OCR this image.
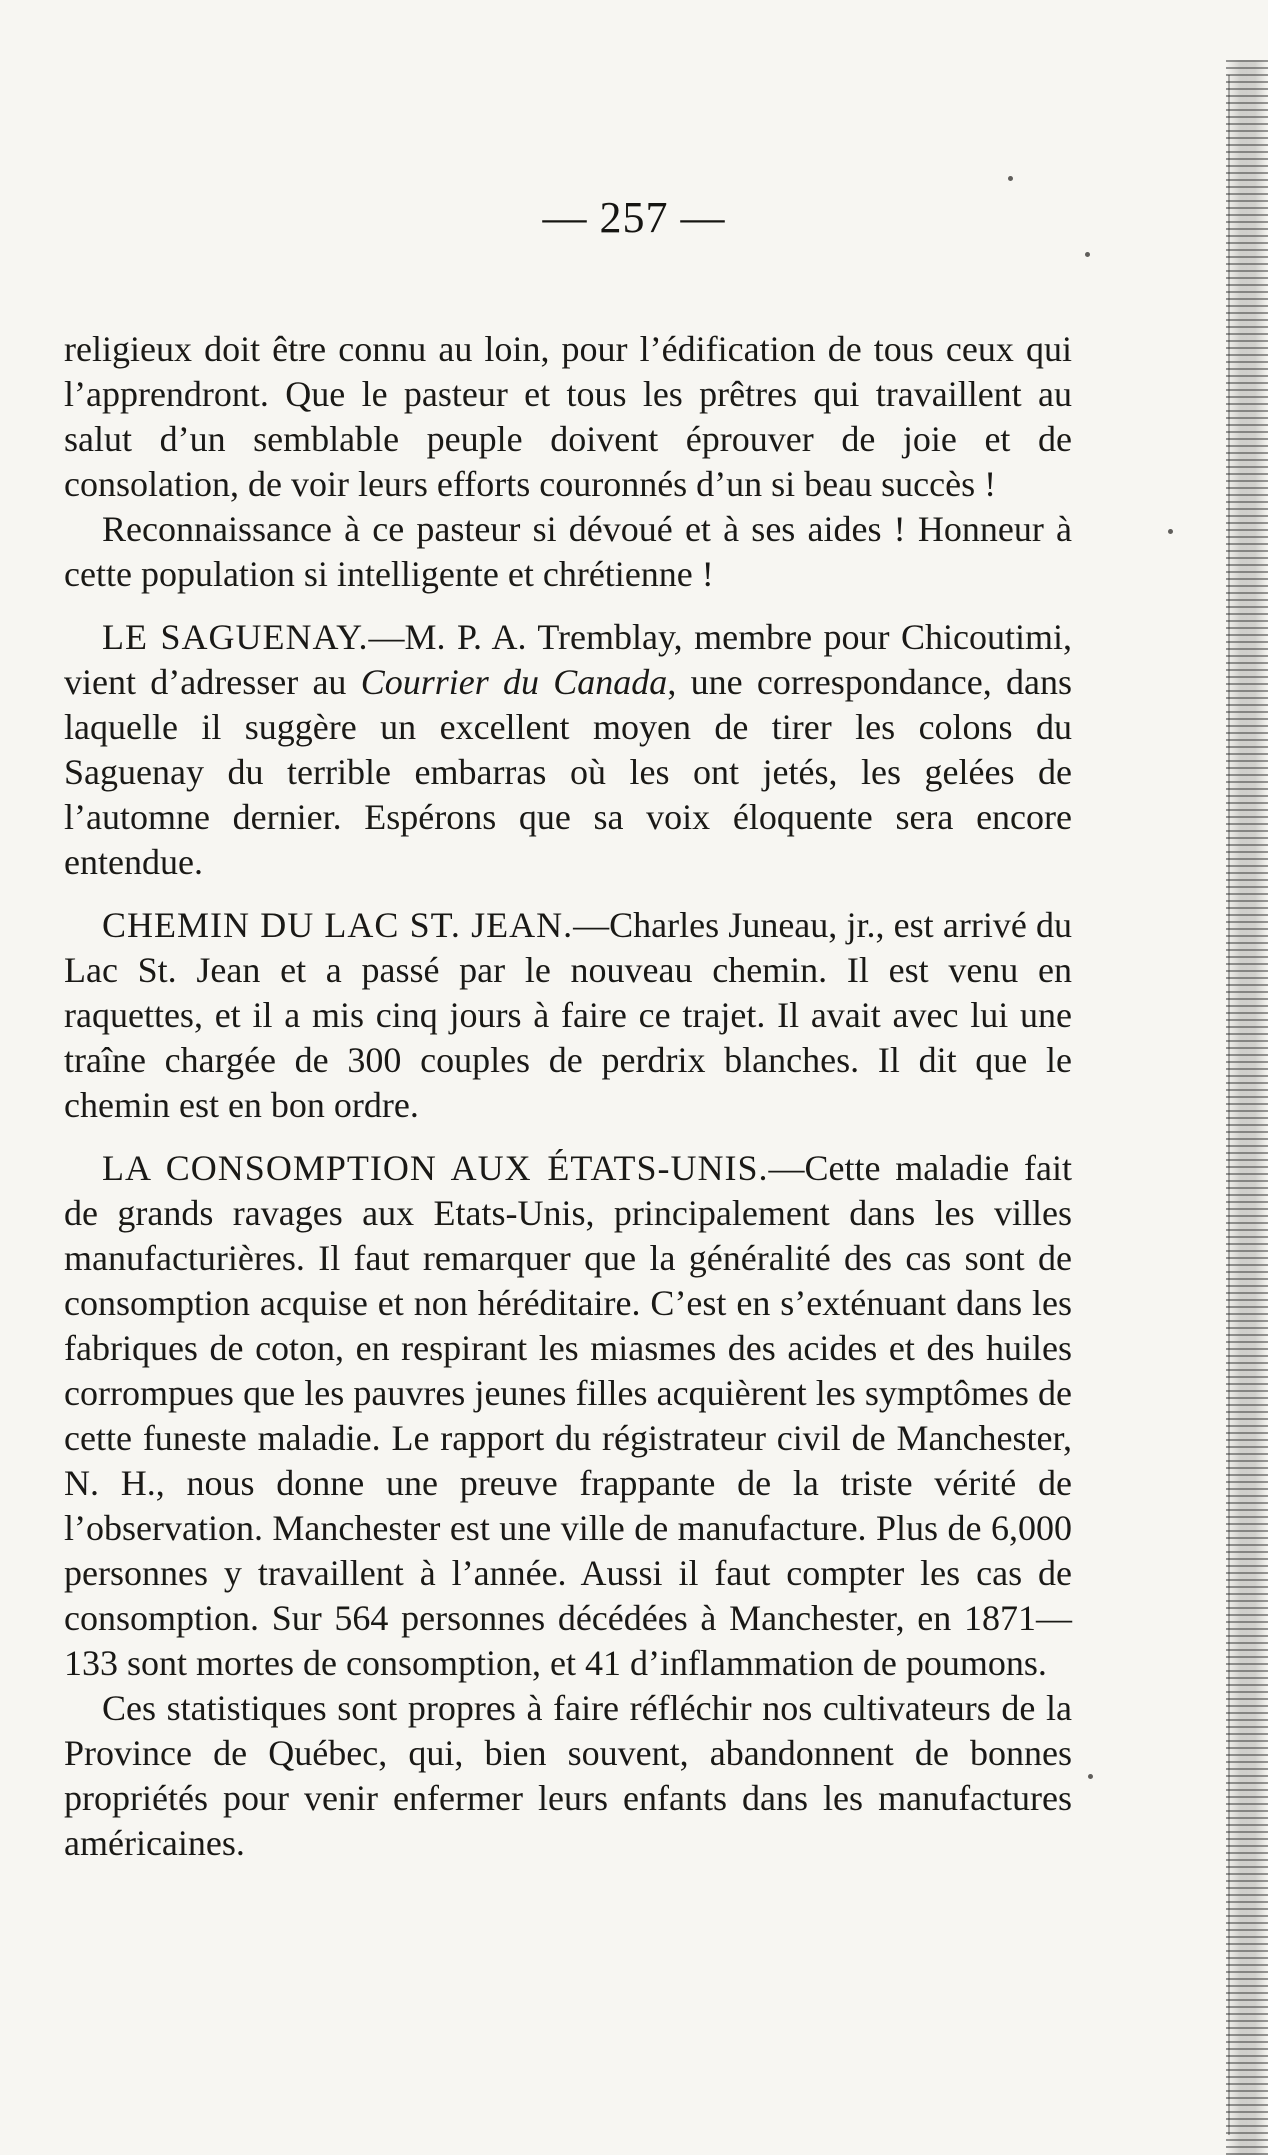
— 257 —

religieux doit être connu au loin, pour l’édification de tous ceux qui l’apprendront. Que le pasteur et tous les prêtres qui travaillent au salut d’un semblable peuple doivent éprouver de joie et de consolation, de voir leurs efforts couronnés d’un si beau succès !

Reconnaissance à ce pasteur si dévoué et à ses aides ! Honneur à cette population si intelligente et chrétienne !

LE SAGUENAY.—M. P. A. Tremblay, membre pour Chicoutimi, vient d’adresser au Courrier du Canada, une correspondance, dans laquelle il suggère un excellent moyen de tirer les colons du Saguenay du terrible embarras où les ont jetés, les gelées de l’automne dernier. Espérons que sa voix éloquente sera encore entendue.

CHEMIN DU LAC ST. JEAN.—Charles Juneau, jr., est arrivé du Lac St. Jean et a passé par le nouveau chemin. Il est venu en raquettes, et il a mis cinq jours à faire ce trajet. Il avait avec lui une traîne chargée de 300 couples de perdrix blanches. Il dit que le chemin est en bon ordre.

LA CONSOMPTION AUX ÉTATS-UNIS.—Cette maladie fait de grands ravages aux Etats-Unis, principalement dans les villes manufacturières. Il faut remarquer que la généralité des cas sont de consomption acquise et non héréditaire. C’est en s’exténuant dans les fabriques de coton, en respirant les miasmes des acides et des huiles corrompues que les pauvres jeunes filles acquièrent les symptômes de cette funeste maladie. Le rapport du régistrateur civil de Manchester, N. H., nous donne une preuve frappante de la triste vérité de l’observation. Manchester est une ville de manufacture. Plus de 6,000 personnes y travaillent à l’année. Aussi il faut compter les cas de consomption. Sur 564 personnes décédées à Manchester, en 1871—133 sont mortes de consomption, et 41 d’inflammation de poumons.

Ces statistiques sont propres à faire réfléchir nos cultivateurs de la Province de Québec, qui, bien souvent, abandonnent de bonnes propriétés pour venir enfermer leurs enfants dans les manufactures américaines.
